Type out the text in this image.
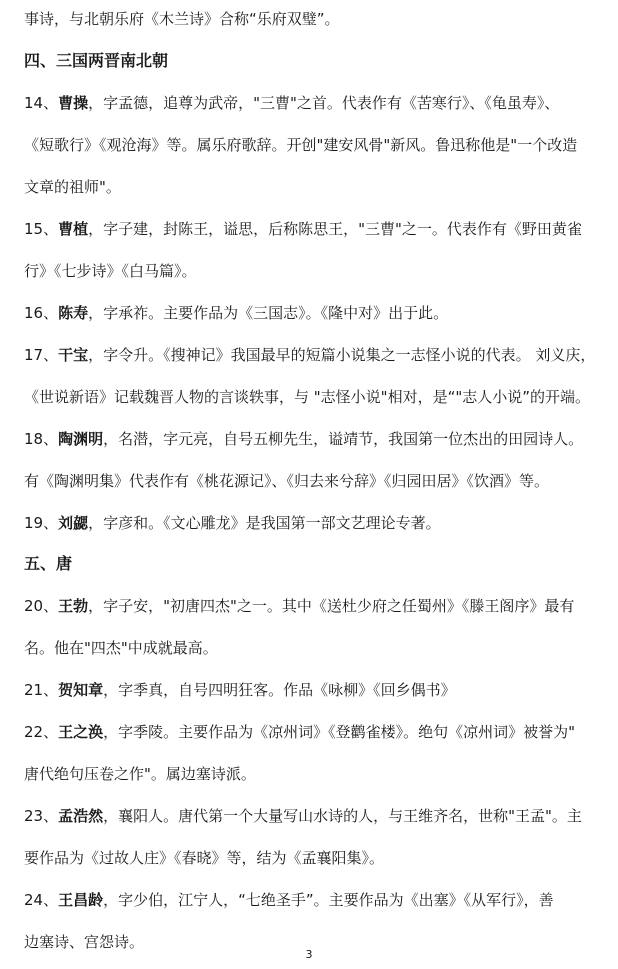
事诗，与北朝乐府《木兰诗》合称“乐府双璧”。
四、三国两晋南北朝
14、曹操，字孟德，追尊为武帝，"三曹"之首。代表作有《苦寒行》、《龟虽寿》、
《短歌行》《观沧海》等。属乐府歌辞。开创"建安风骨"新风。鲁迅称他是"一个改造
文章的祖师"。
15、曹植，字子建，封陈王，谥思，后称陈思王，"三曹"之一。代表作有《野田黄雀
行》《七步诗》《白马篇》。
16、陈寿，字承祚。主要作品为《三国志》。《隆中对》出于此。
17、干宝，字令升。《搜神记》我国最早的短篇小说集之一志怪小说的代表。 刘义庆，
《世说新语》记载魏晋人物的言谈轶事，与 "志怪小说"相对，是“"志人小说”的开端。
18、陶渊明，名潜，字元亮，自号五柳先生，谥靖节，我国第一位杰出的田园诗人。
有《陶渊明集》代表作有《桃花源记》、《归去来兮辞》《归园田居》《饮酒》等。
19、刘勰，字彦和。《文心雕龙》是我国第一部文艺理论专著。
五、唐
20、王勃，字子安，"初唐四杰"之一。其中《送杜少府之任蜀州》《滕王阁序》最有
名。他在"四杰"中成就最高。
21、贺知章，字季真，自号四明狂客。作品《咏柳》《回乡偶书》
22、王之涣，字季陵。主要作品为《凉州词》《登鹳雀楼》。绝句《凉州词》被誉为"
唐代绝句压卷之作"。属边塞诗派。
23、孟浩然，襄阳人。唐代第一个大量写山水诗的人，与王维齐名，世称"王孟"。主
要作品为《过故人庄》《春晓》等，结为《孟襄阳集》。
24、王昌龄，字少伯，江宁人，“七绝圣手”。主要作品为《出塞》《从军行》，善
边塞诗、宫怨诗。
3
